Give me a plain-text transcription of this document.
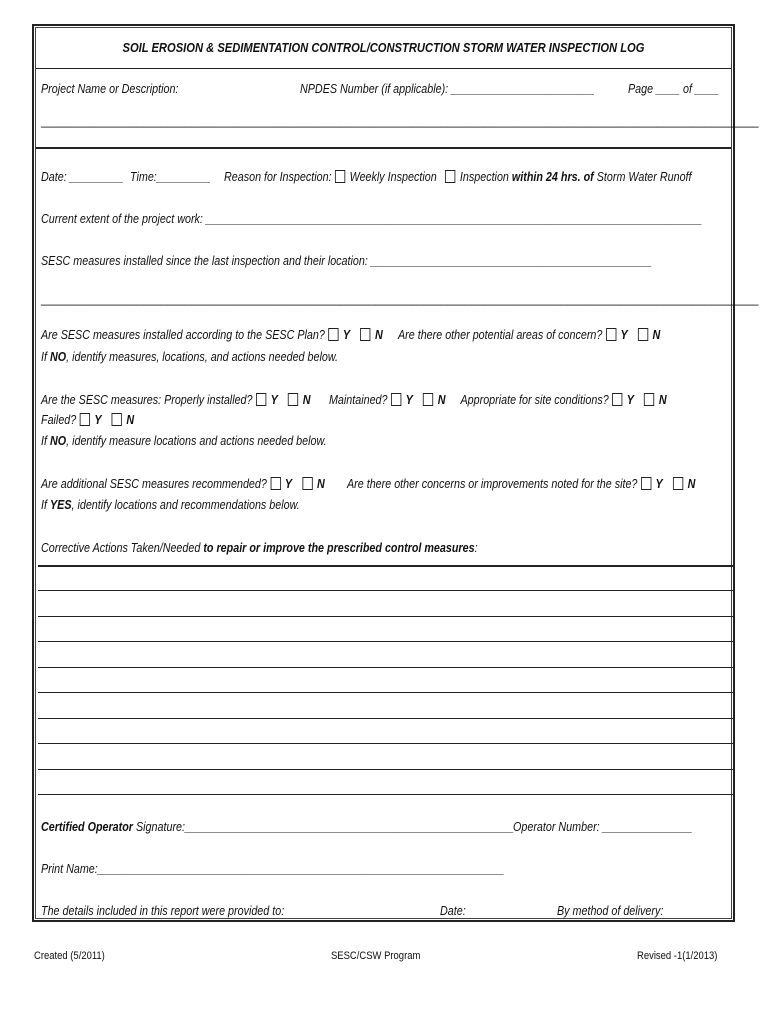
SOIL EROSION & SEDIMENTATION CONTROL/CONSTRUCTION STORM WATER INSPECTION LOG
Project Name or Description:	NPDES Number (if applicable): ________________________	Page ____ of ____
________________________________________________________________________________________________________________________
Date: _________ Time:_________ Reason for Inspection: Weekly Inspection Inspection within 24 hrs. of Storm Water Runoff
Current extent of the project work: ___________________________________________________________________________________
SESC measures installed since the last inspection and their location: _______________________________________________
________________________________________________________________________________________________________________________
Are SESC measures installed according to the SESC Plan? Y N Are there other potential areas of concern? Y N
If NO, identify measures, locations, and actions needed below.
Are the SESC measures: Properly installed? Y N Maintained? Y N Appropriate for site conditions? Y N
Failed? Y N
If NO, identify measure locations and actions needed below.
Are additional SESC measures recommended? Y N Are there other concerns or improvements noted for the site? Y N
If YES, identify locations and recommendations below.
Corrective Actions Taken/Needed to repair or improve the prescribed control measures:
Certified Operator Signature:_______________________________________________________ Operator Number: _______________
Print Name:____________________________________________________________________
The details included in this report were provided to:	Date:	By method of delivery:
Created (5/2011)	SESC/CSW Program	Revised -1(1/2013)
